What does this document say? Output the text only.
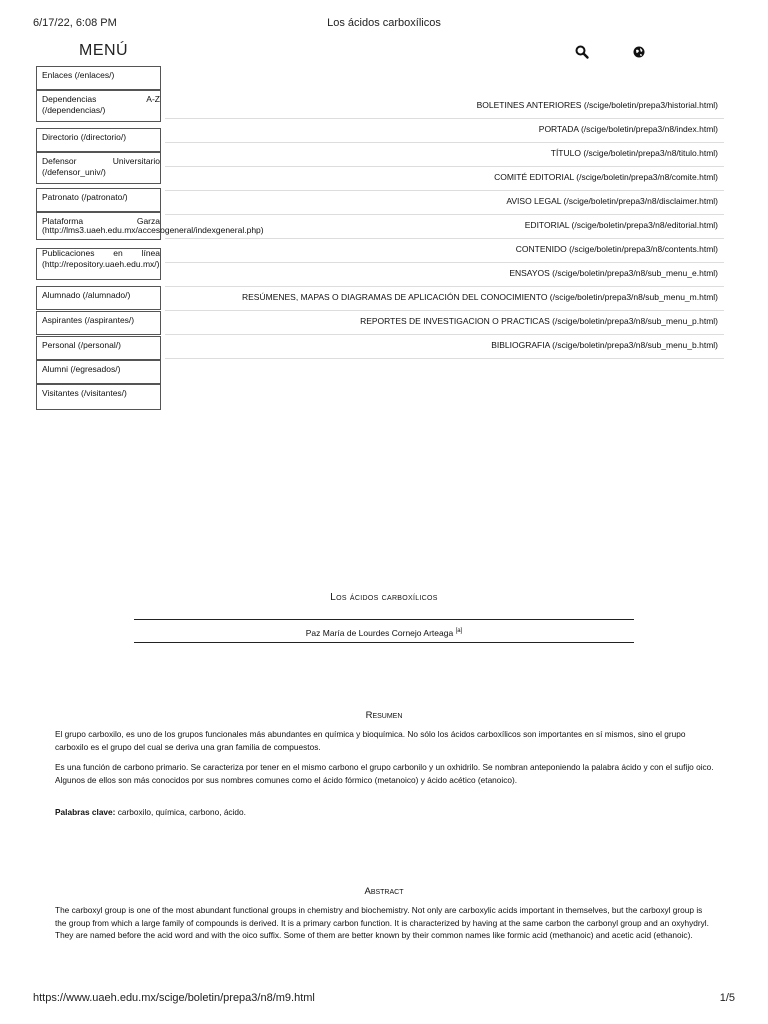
6/17/22, 6:08 PM	Los ácidos carboxílicos
MENÚ
Enlaces (/enlaces/)
Dependencias A-Z
(/dependencias/)
Directorio (/directorio/)
Defensor Universitario
(/defensor_univ/)
Patronato (/patronato/)
Plataforma Garza
(http://lms3.uaeh.edu.mx/accesogeneral/indexgeneral.php)
Publicaciones en línea
(http://repository.uaeh.edu.mx/)
Alumnado (/alumnado/)
Aspirantes (/aspirantes/)
Personal (/personal/)
Alumni (/egresados/)
Visitantes (/visitantes/)
BOLETINES ANTERIORES (/scige/boletin/prepa3/historial.html)
PORTADA (/scige/boletin/prepa3/n8/index.html)
TÍTULO (/scige/boletin/prepa3/n8/titulo.html)
COMITÉ EDITORIAL (/scige/boletin/prepa3/n8/comite.html)
AVISO LEGAL (/scige/boletin/prepa3/n8/disclaimer.html)
EDITORIAL (/scige/boletin/prepa3/n8/editorial.html)
CONTENIDO (/scige/boletin/prepa3/n8/contents.html)
ENSAYOS (/scige/boletin/prepa3/n8/sub_menu_e.html)
RESÚMENES, MAPAS O DIAGRAMAS DE APLICACIÓN DEL CONOCIMIENTO (/scige/boletin/prepa3/n8/sub_menu_m.html)
REPORTES DE INVESTIGACION O PRACTICAS (/scige/boletin/prepa3/n8/sub_menu_p.html)
BIBLIOGRAFIA (/scige/boletin/prepa3/n8/sub_menu_b.html)
Los ácidos carboxílicos
Paz María de Lourdes Cornejo Arteaga [a]
Resumen
El grupo carboxilo, es uno de los grupos funcionales más abundantes en química y bioquímica. No sólo los ácidos carboxílicos son importantes en sí mismos, sino el grupo carboxilo es el grupo del cual se deriva una gran familia de compuestos.
Es una función de carbono primario. Se caracteriza por tener en el mismo carbono el grupo carbonilo y un oxhidrilo. Se nombran anteponiendo la palabra ácido y con el sufijo oico. Algunos de ellos son más conocidos por sus nombres comunes como el ácido fórmico (metanoico) y ácido acético (etanoico).
Palabras clave: carboxilo, química, carbono, ácido.
Abstract
The carboxyl group is one of the most abundant functional groups in chemistry and biochemistry. Not only are carboxylic acids important in themselves, but the carboxyl group is the group from which a large family of compounds is derived. It is a primary carbon function. It is characterized by having at the same carbon the carbonyl group and an oxyhydryl. They are named before the acid word and with the oico suffix. Some of them are better known by their common names like formic acid (methanoic) and acetic acid (ethanoic).
https://www.uaeh.edu.mx/scige/boletin/prepa3/n8/m9.html	1/5
